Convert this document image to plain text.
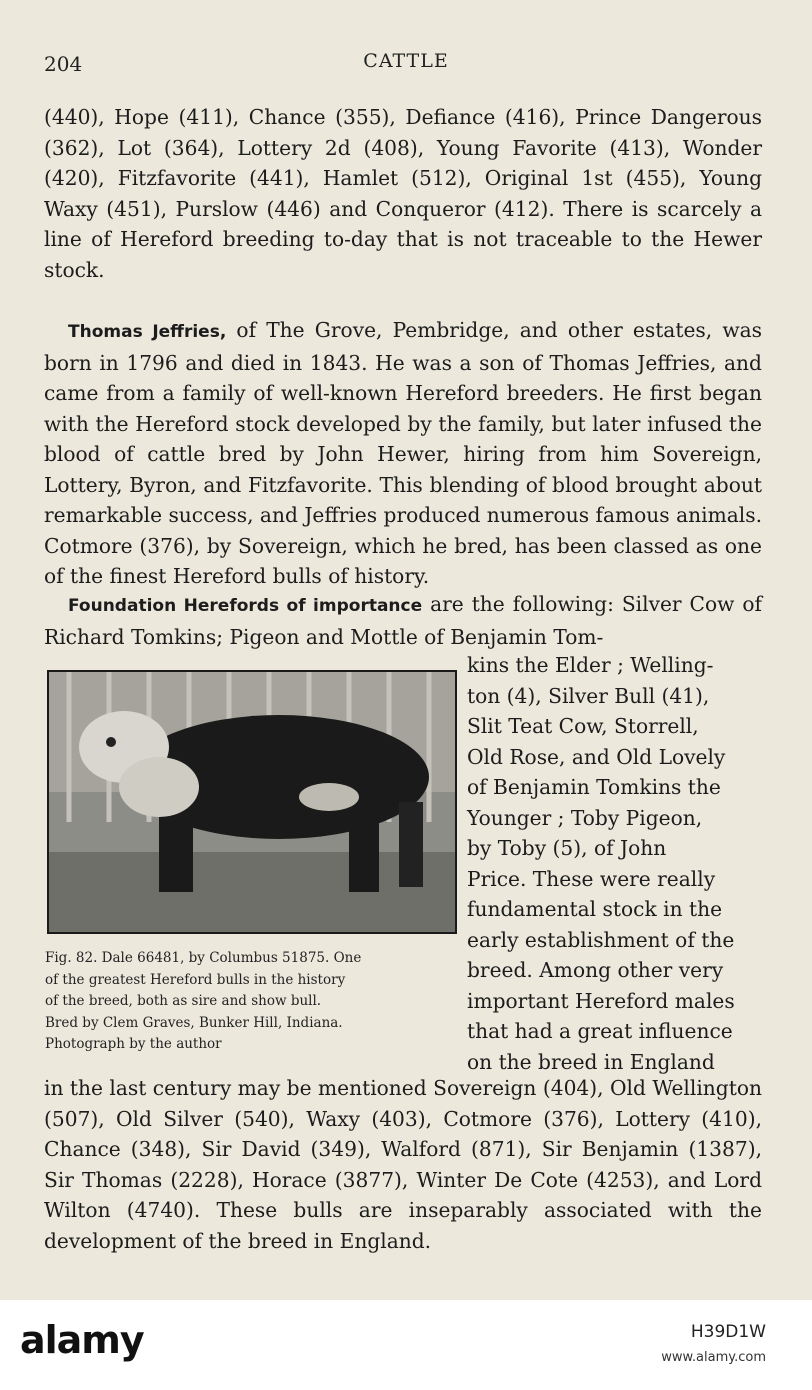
204	CATTLE

(440), Hope (411), Chance (355), Defiance (416), Prince Dangerous (362), Lot (364), Lottery 2d (408), Young Favorite (413), Wonder (420), Fitzfavorite (441), Hamlet (512), Original 1st (455), Young Waxy (451), Purslow (446) and Conqueror (412). There is scarcely a line of Hereford breeding to-day that is not traceable to the Hewer stock.

Thomas Jeffries, of The Grove, Pembridge, and other estates, was born in 1796 and died in 1843. He was a son of Thomas Jeffries, and came from a family of well-known Hereford breeders. He first began with the Hereford stock developed by the family, but later infused the blood of cattle bred by John Hewer, hiring from him Sovereign, Lottery, Byron, and Fitzfavorite. This blending of blood brought about remarkable success, and Jeffries produced numerous famous animals. Cotmore (376), by Sovereign, which he bred, has been classed as one of the finest Hereford bulls of history.

Foundation Herefords of importance are the following: Silver Cow of Richard Tomkins; Pigeon and Mottle of Benjamin Tom-

Fig. 82. Dale 66481, by Columbus 51875. One
of the greatest Hereford bulls in the history
of the breed, both as sire and show bull.
Bred by Clem Graves, Bunker Hill, Indiana.
Photograph by the author
kins the Elder ; Welling-
ton (4), Silver Bull (41),
Slit Teat Cow, Storrell,
Old Rose, and Old Lovely
of Benjamin Tomkins the
Younger ; Toby Pigeon,
by Toby (5), of John
Price. These were really
fundamental stock in the
early establishment of the
breed. Among other very
important Hereford males
that had a great influence
on the breed in England

in the last century may be mentioned Sovereign (404), Old Wellington (507), Old Silver (540), Waxy (403), Cotmore (376), Lottery (410), Chance (348), Sir David (349), Walford (871), Sir Benjamin (1387), Sir Thomas (2228), Horace (3877), Winter De Cote (4253), and Lord Wilton (4740). These bulls are inseparably associated with the development of the breed in England.

alamy	H39D1W
www.alamy.com
